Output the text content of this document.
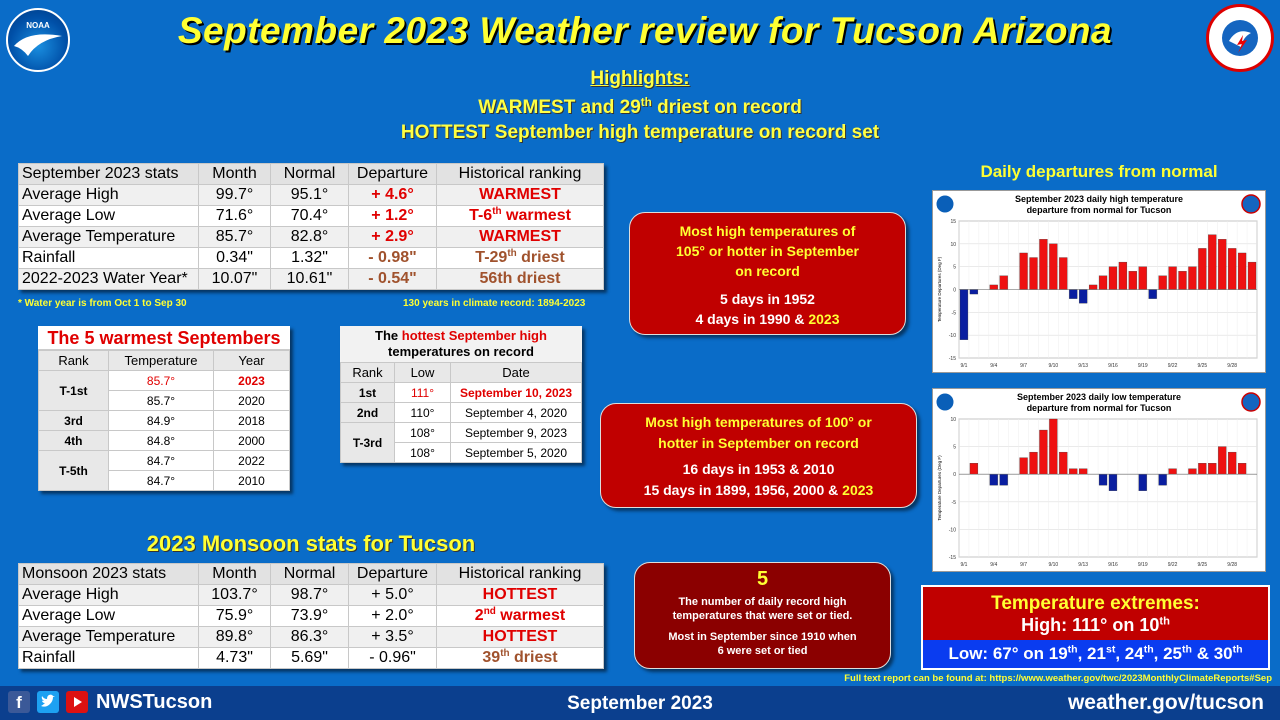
NOAA	September 2023 Weather review for Tucson Arizona
Highlights:
WARMEST and 29th driest on record
HOTTEST September high temperature on record set
September 2023 stats	Month	Normal	Departure	Historical ranking
Average High	99.7°	95.1°	+ 4.6°	WARMEST
Average Low	71.6°	70.4°	+ 1.2°	T-6th warmest
Average Temperature	85.7°	82.8°	+ 2.9°	WARMEST
Rainfall	0.34"	1.32"	- 0.98"	T-29th driest
2022-2023 Water Year*	10.07"	10.61"	- 0.54"	56th driest
* Water year is from Oct 1 to Sep 30	130 years in climate record: 1894-2023
The 5 warmest Septembers
Rank	Temperature	Year
T-1st	85.7°	2023
	85.7°	2020
3rd	84.9°	2018
4th	84.8°	2000
T-5th	84.7°	2022
	84.7°	2010
The hottest September high
temperatures on record
Rank	Low	Date
1st	111°	September 10, 2023
2nd	110°	September 4, 2020
T-3rd	108°	September 9, 2023
	108°	September 5, 2020
Most high temperatures of
105° or hotter in September
on record
5 days in 1952
4 days in 1990 & 2023
Most high temperatures of 100° or
hotter in September on record
16 days in 1953 & 2010
15 days in 1899, 1956, 2000 & 2023
5
The number of daily record high
temperatures that were set or tied.
Most in September since 1910 when
6 were set or tied
2023 Monsoon stats for Tucson
Monsoon 2023 stats	Month	Normal	Departure	Historical ranking
Average High	103.7°	98.7°	+ 5.0°	HOTTEST
Average Low	75.9°	73.9°	+ 2.0°	2nd warmest
Average Temperature	89.8°	86.3°	+ 3.5°	HOTTEST
Rainfall	4.73"	5.69"	- 0.96"	39th driest
Daily departures from normal
September 2023 daily high temperature
departure from normal for Tucson
15
10
5
0
-5
-10
-15
Temperature Departures (Deg F)
9/1	9/4	9/7	9/10	9/13	9/16	9/19	9/22	9/25	9/28
September 2023 daily low temperature
departure from normal for Tucson
10
5
0
-5
-10
-15
Temperature Departures (Deg F)
9/1	9/4	9/7	9/10	9/13	9/16	9/19	9/22	9/25	9/28
Temperature extremes:
High: 111° on 10th
Low: 67° on 19th, 21st, 24th, 25th & 30th
Full text report can be found at: https://www.weather.gov/twc/2023MonthlyClimateReports#Sep
f	NWSTucson	September 2023	weather.gov/tucson
